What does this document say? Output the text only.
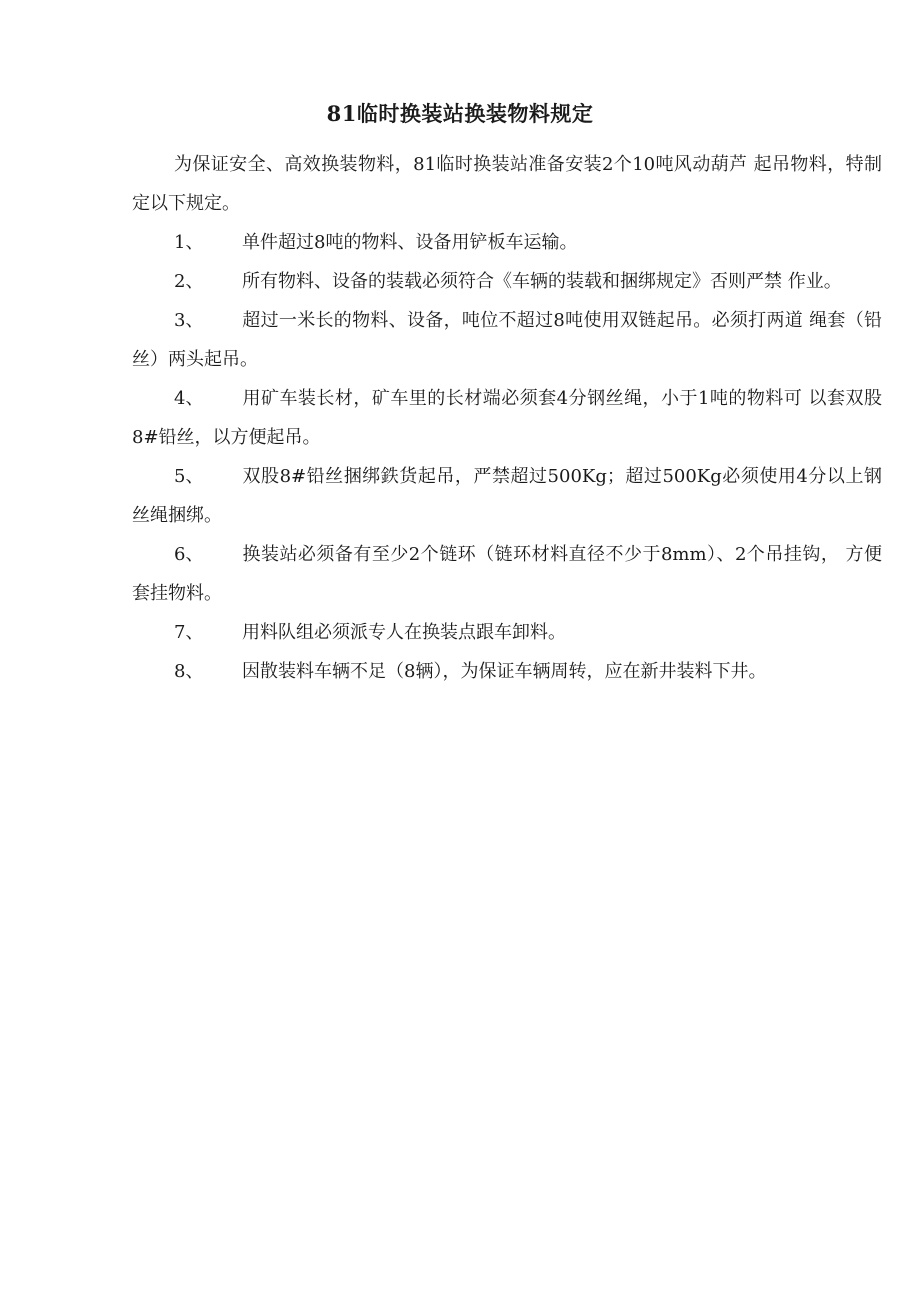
81临时换装站换装物料规定

为保证安全、高效换装物料，81临时换装站准备安装2个10吨风动葫芦 起吊物料，特制定以下规定。

1、 单件超过8吨的物料、设备用铲板车运输。

2、 所有物料、设备的装载必须符合《车辆的装载和捆绑规定》否则严禁 作业。

3、 超过一米长的物料、设备，吨位不超过8吨使用双链起吊。必须打两道 绳套（铅丝）两头起吊。

4、 用矿车装长材，矿车里的长材端必须套4分钢丝绳，小于1吨的物料可 以套双股8#铅丝，以方便起吊。

5、 双股8#铅丝捆绑鉄货起吊，严禁超过500Kg；超过500Kg必须使用4分以上钢丝绳捆绑。

6、 换装站必须备有至少2个链环（链环材料直径不少于8mm）、2个吊挂钩， 方便套挂物料。

7、 用料队组必须派专人在换装点跟车卸料。

8、 因散装料车辆不足（8辆），为保证车辆周转，应在新井装料下井。
